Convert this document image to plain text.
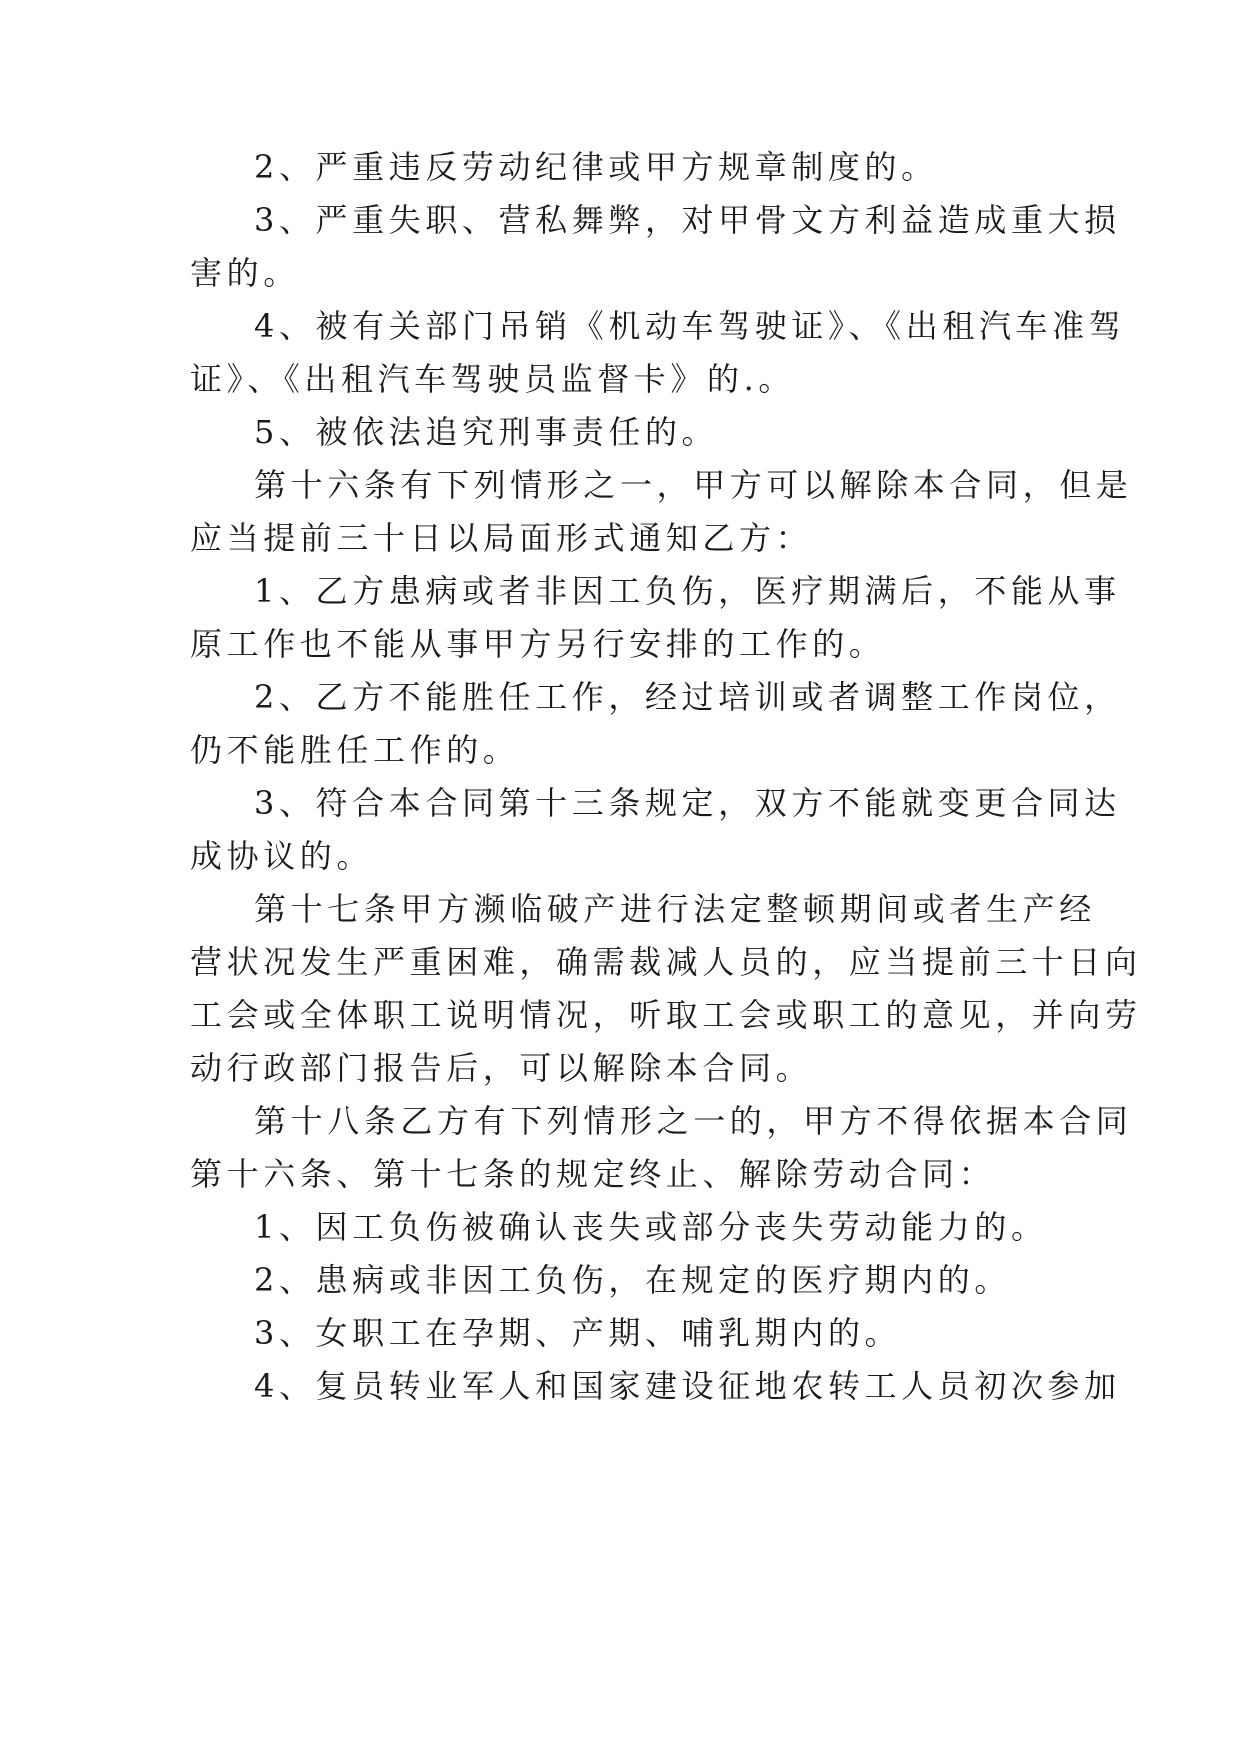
2、严重违反劳动纪律或甲方规章制度的。
3、严重失职、营私舞弊，对甲骨文方利益造成重大损
害的。
4、被有关部门吊销《机动车驾驶证》、《出租汽车准驾
证》、《出租汽车驾驶员监督卡》的.。
5、被依法追究刑事责任的。
第十六条有下列情形之一，甲方可以解除本合同，但是
应当提前三十日以局面形式通知乙方：
1、乙方患病或者非因工负伤，医疗期满后，不能从事
原工作也不能从事甲方另行安排的工作的。
2、乙方不能胜任工作，经过培训或者调整工作岗位，
仍不能胜任工作的。
3、符合本合同第十三条规定，双方不能就变更合同达
成协议的。
第十七条甲方濒临破产进行法定整顿期间或者生产经
营状况发生严重困难，确需裁减人员的，应当提前三十日向
工会或全体职工说明情况，听取工会或职工的意见，并向劳
动行政部门报告后，可以解除本合同。
第十八条乙方有下列情形之一的，甲方不得依据本合同
第十六条、第十七条的规定终止、解除劳动合同：
1、因工负伤被确认丧失或部分丧失劳动能力的。
2、患病或非因工负伤，在规定的医疗期内的。
3、女职工在孕期、产期、哺乳期内的。
4、复员转业军人和国家建设征地农转工人员初次参加
